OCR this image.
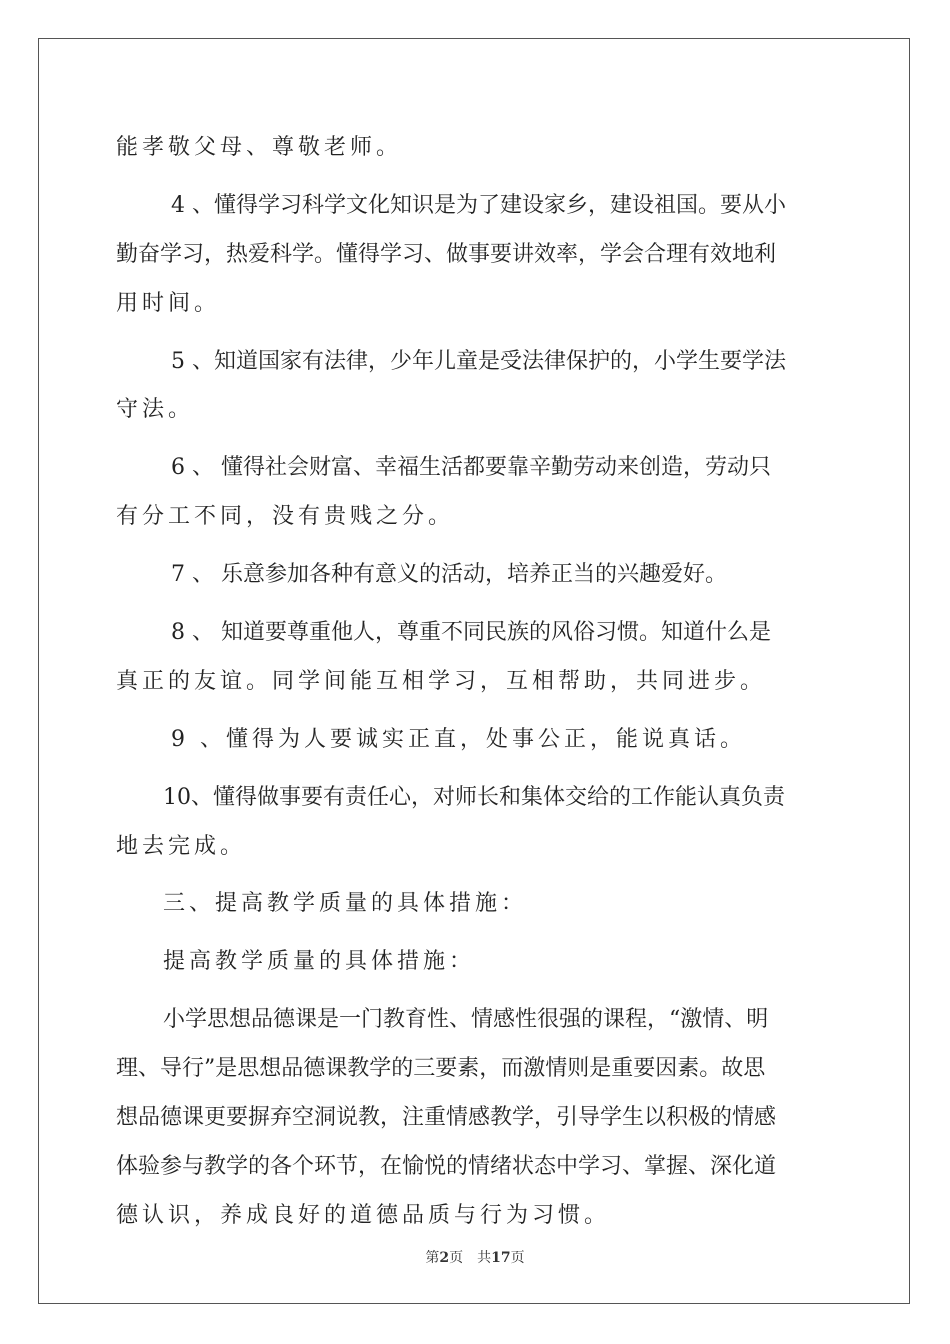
能孝敬父母、尊敬老师。
4 、懂得学习科学文化知识是为了建设家乡，建设祖国。要从小
勤奋学习，热爱科学。懂得学习、做事要讲效率，学会合理有效地利
用时间。
5 、知道国家有法律，少年儿童是受法律保护的，小学生要学法
守法。
6 、 懂得社会财富、幸福生活都要靠辛勤劳动来创造，劳动只
有分工不同，没有贵贱之分。
7 、 乐意参加各种有意义的活动，培养正当的兴趣爱好。
8 、 知道要尊重他人，尊重不同民族的风俗习惯。知道什么是
真正的友谊。同学间能互相学习，互相帮助，共同进步。
9 、懂得为人要诚实正直，处事公正，能说真话。
10、懂得做事要有责任心，对师长和集体交给的工作能认真负责
地去完成。
三、提高教学质量的具体措施：
提高教学质量的具体措施：
小学思想品德课是一门教育性、情感性很强的课程，“激情、明
理、导行”是思想品德课教学的三要素，而激情则是重要因素。故思
想品德课更要摒弃空洞说教，注重情感教学，引导学生以积极的情感
体验参与教学的各个环节，在愉悦的情绪状态中学习、掌握、深化道
德认识，养成良好的道德品质与行为习惯。
第2页 共17页
